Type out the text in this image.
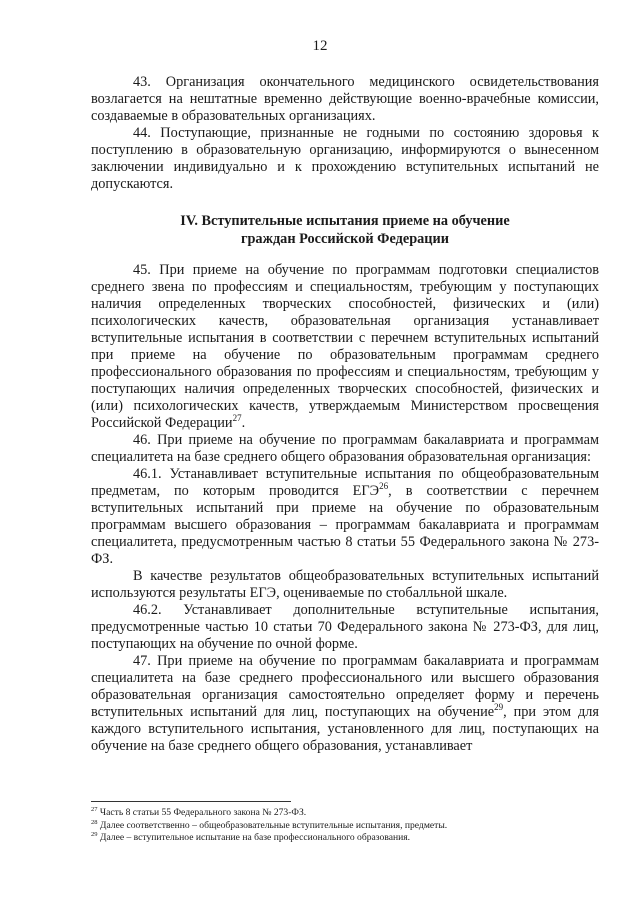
12

43. Организация окончательного медицинского освидетельствования возлагается на нештатные временно действующие военно-врачебные комиссии, создаваемые в образовательных организациях.

44. Поступающие, признанные не годными по состоянию здоровья к поступлению в образовательную организацию, информируются о вынесенном заключении индивидуально и к прохождению вступительных испытаний не допускаются.

IV. Вступительные испытания приеме на обучение
граждан Российской Федерации

45. При приеме на обучение по программам подготовки специалистов среднего звена по профессиям и специальностям, требующим у поступающих наличия определенных творческих способностей, физических и (или) психологических качеств, образовательная организация устанавливает вступительные испытания в соответствии с перечнем вступительных испытаний при приеме на обучение по образовательным программам среднего профессионального образования по профессиям и специальностям, требующим у поступающих наличия определенных творческих способностей, физических и (или) психологических качеств, утверждаемым Министерством просвещения Российской Федерации$^{27}$.

46. При приеме на обучение по программам бакалавриата и программам специалитета на базе среднего общего образования образовательная организация:

46.1. Устанавливает вступительные испытания по общеобразовательным предметам, по которым проводится ЕГЭ$^{26}$, в соответствии с перечнем вступительных испытаний при приеме на обучение по образовательным программам высшего образования – программам бакалавриата и программам специалитета, предусмотренным частью 8 статьи 55 Федерального закона № 273-ФЗ.

В качестве результатов общеобразовательных вступительных испытаний используются результаты ЕГЭ, оцениваемые по стобалльной шкале.

46.2. Устанавливает дополнительные вступительные испытания, предусмотренные частью 10 статьи 70 Федерального закона № 273-ФЗ, для лиц, поступающих на обучение по очной форме.

47. При приеме на обучение по программам бакалавриата и программам специалитета на базе среднего профессионального или высшего образования образовательная организация самостоятельно определяет форму и перечень вступительных испытаний для лиц, поступающих на обучение$^{29}$, при этом для каждого вступительного испытания, установленного для лиц, поступающих на обучение на базе среднего общего образования, устанавливает

$^{27}$ Часть 8 статьи 55 Федерального закона № 273-ФЗ.
$^{28}$ Далее соответственно – общеобразовательные вступительные испытания, предметы.
$^{29}$ Далее – вступительное испытание на базе профессионального образования.
